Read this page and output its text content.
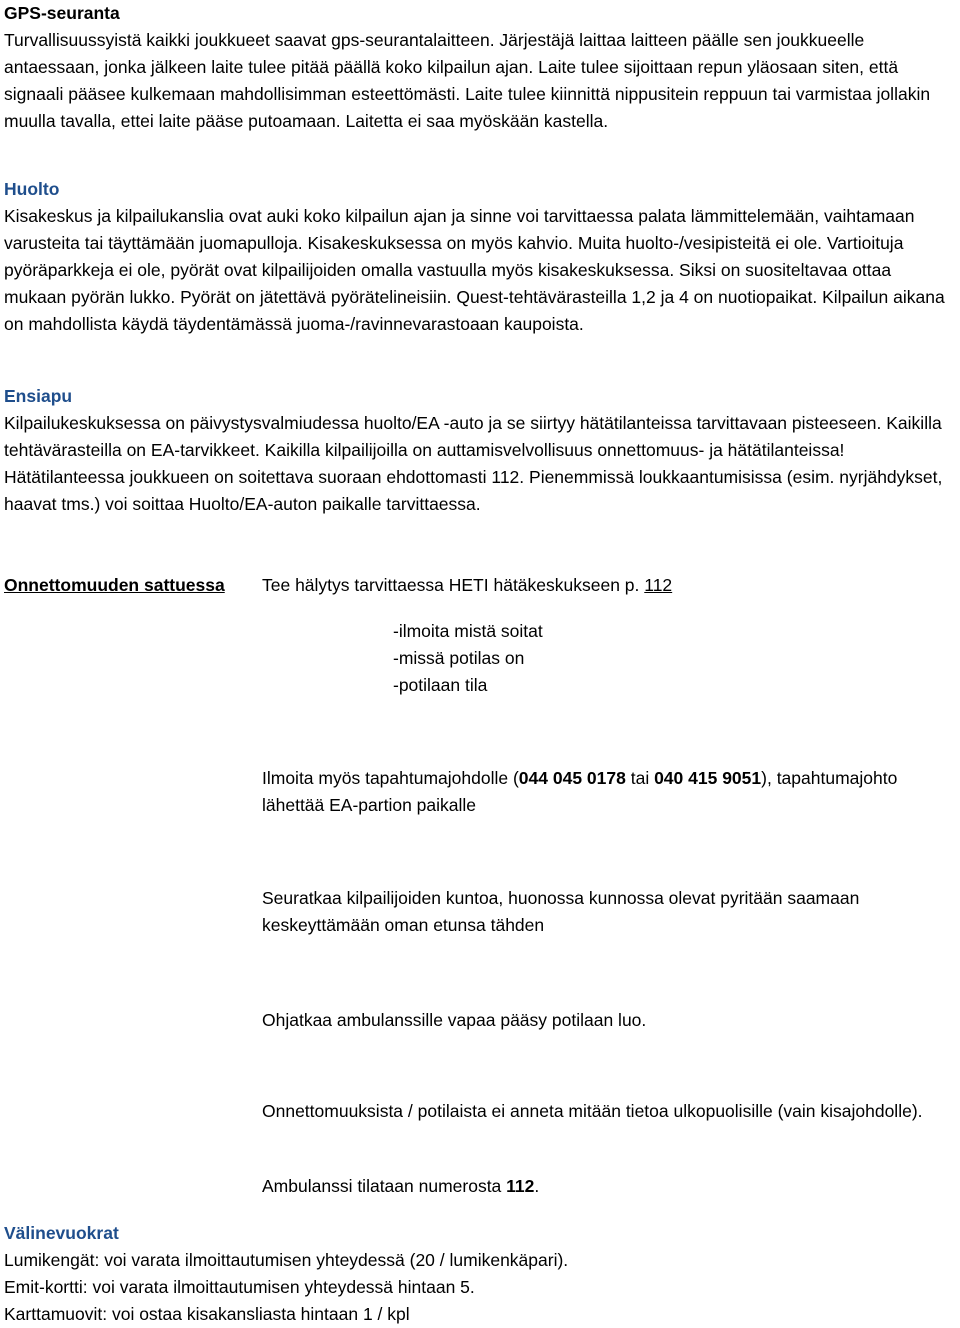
GPS-seuranta

Turvallisuussyistä kaikki joukkueet saavat gps-seurantalaitteen. Järjestäjä laittaa laitteen päälle sen joukkueelle antaessaan, jonka jälkeen laite tulee pitää päällä koko kilpailun ajan. Laite tulee sijoittaan repun yläosaan siten, että signaali pääsee kulkemaan mahdollisimman esteettömästi. Laite tulee kiinnittä nippusitein reppuun tai varmistaa jollakin muulla tavalla, ettei laite pääse putoamaan. Laitetta ei saa myöskään kastella.

Huolto

Kisakeskus ja kilpailukanslia ovat auki koko kilpailun ajan ja sinne voi tarvittaessa palata lämmittelemään, vaihtamaan varusteita tai täyttämään juomapulloja. Kisakeskuksessa on myös kahvio. Muita huolto-/vesipisteitä ei ole. Vartioituja pyöräparkkeja ei ole, pyörät ovat kilpailijoiden omalla vastuulla myös kisakeskuksessa. Siksi on suositeltavaa ottaa mukaan pyörän lukko. Pyörät on jätettävä pyörätelineisiin. Quest-tehtävärasteilla 1,2 ja 4 on nuotiopaikat. Kilpailun aikana on mahdollista käydä täydentämässä juoma-/ravinnevarastoaan kaupoista.

Ensiapu

Kilpailukeskuksessa on päivystysvalmiudessa huolto/EA -auto ja se siirtyy hätätilanteissa tarvittavaan pisteeseen. Kaikilla tehtävärasteilla on EA-tarvikkeet. Kaikilla kilpailijoilla on auttamisvelvollisuus onnettomuus- ja hätätilanteissa! Hätätilanteessa joukkueen on soitettava suoraan ehdottomasti 112. Pienemmissä loukkaantumisissa (esim. nyrjähdykset, haavat tms.) voi soittaa Huolto/EA-auton paikalle tarvittaessa.

Onnettomuuden sattuessa Tee hälytys tarvittaessa HETI hätäkeskukseen p. 112

-ilmoita mistä soitat

-missä potilas on

-potilaan tila

Ilmoita myös tapahtumajohdolle (044 045 0178 tai 040 415 9051), tapahtumajohto lähettää EA-partion paikalle

Seuratkaa kilpailijoiden kuntoa, huonossa kunnossa olevat pyritään saamaan keskeyttämään oman etunsa tähden

Ohjatkaa ambulanssille vapaa pääsy potilaan luo.

Onnettomuuksista / potilaista ei anneta mitään tietoa ulkopuolisille (vain kisajohdolle).

Ambulanssi tilataan numerosta 112.

Välinevuokrat

Lumikengät: voi varata ilmoittautumisen yhteydessä (20 / lumikenkäpari).

Emit-kortti: voi varata ilmoittautumisen yhteydessä hintaan 5.

Karttamuovit: voi ostaa kisakansliasta hintaan 1 / kpl
